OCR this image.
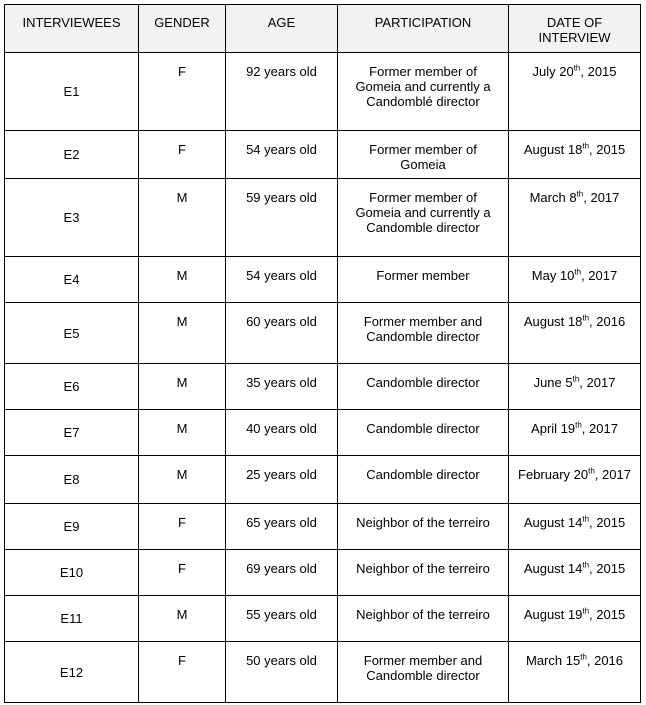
INTERVIEWEES	GENDER	AGE	PARTICIPATION	DATE OF INTERVIEW
E1	F	92 years old	Former member of Gomeia and currently a Candomblé director	July 20th, 2015
E2	F	54 years old	Former member of Gomeia	August 18th, 2015
E3	M	59 years old	Former member of Gomeia and currently a Candomble director	March 8th, 2017
E4	M	54 years old	Former member	May 10th, 2017
E5	M	60 years old	Former member and Candomble director	August 18th, 2016
E6	M	35 years old	Candomble director	June 5th, 2017
E7	M	40 years old	Candomble director	April 19th, 2017
E8	M	25 years old	Candomble director	February 20th, 2017
E9	F	65 years old	Neighbor of the terreiro	August 14th, 2015
E10	F	69 years old	Neighbor of the terreiro	August 14th, 2015
E11	M	55 years old	Neighbor of the terreiro	August 19th, 2015
E12	F	50 years old	Former member and Candomble director	March 15th, 2016
